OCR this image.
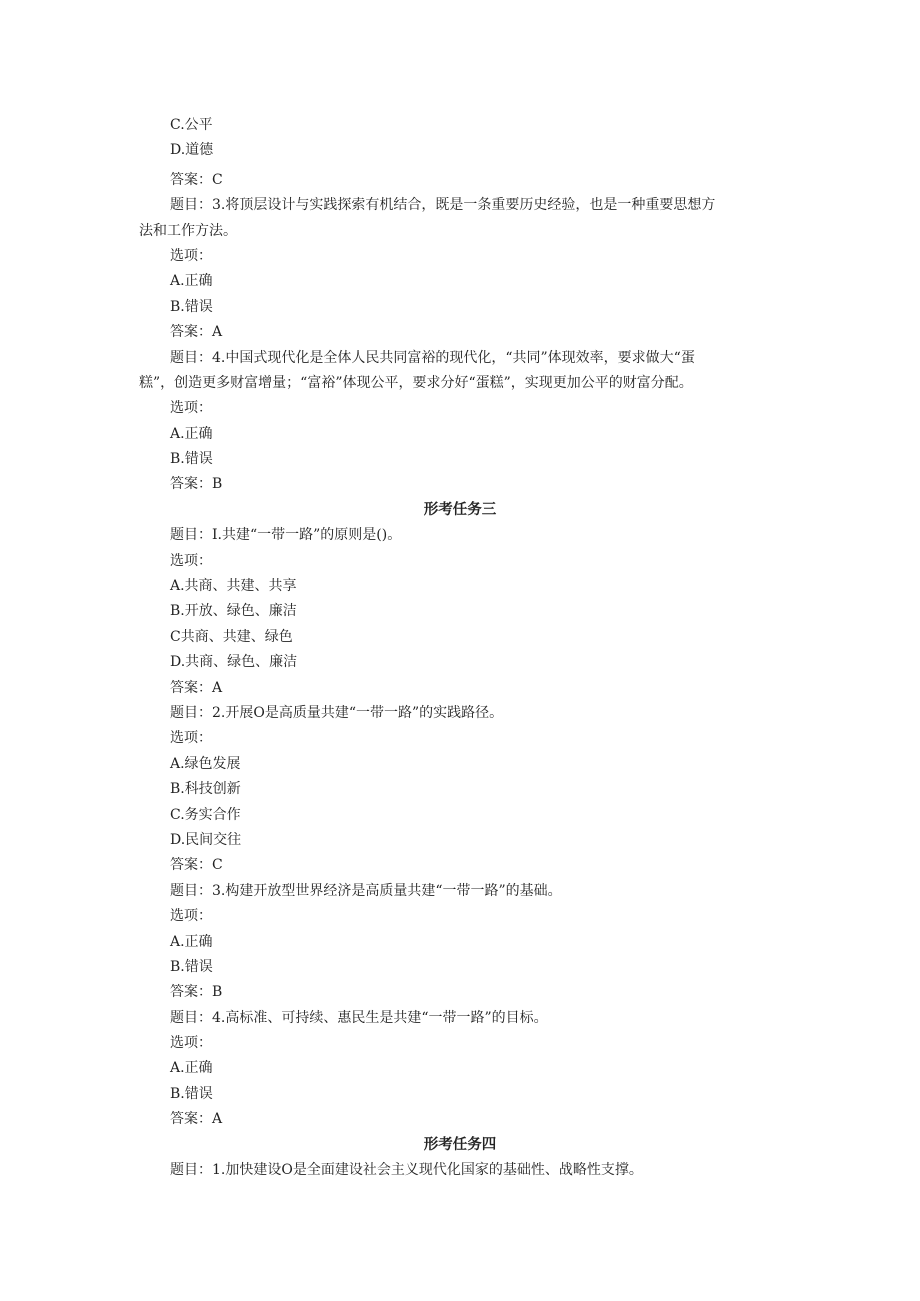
C.公平
D.道德
答案：C
题目：3.将顶层设计与实践探索有机结合，既是一条重要历史经验，也是一种重要思想方
法和工作方法。
选项：
A.正确
B.错误
答案：A
题目：4.中国式现代化是全体人民共同富裕的现代化，“共同”体现效率，要求做大“蛋
糕”，创造更多财富增量；“富裕”体现公平，要求分好“蛋糕”，实现更加公平的财富分配。
选项：
A.正确
B.错误
答案：B
形考任务三
题目：I.共建“一带一路”的原则是()。
选项：
A.共商、共建、共享
B.开放、绿色、廉洁
C共商、共建、绿色
D.共商、绿色、廉洁
答案：A
题目：2.开展O是高质量共建“一带一路”的实践路径。
选项：
A.绿色发展
B.科技创新
C.务实合作
D.民间交往
答案：C
题目：3.构建开放型世界经济是高质量共建“一带一路”的基础。
选项：
A.正确
B.错误
答案：B
题目：4.高标准、可持续、惠民生是共建“一带一路”的目标。
选项：
A.正确
B.错误
答案：A
形考任务四
题目：1.加快建设O是全面建设社会主义现代化国家的基础性、战略性支撑。
